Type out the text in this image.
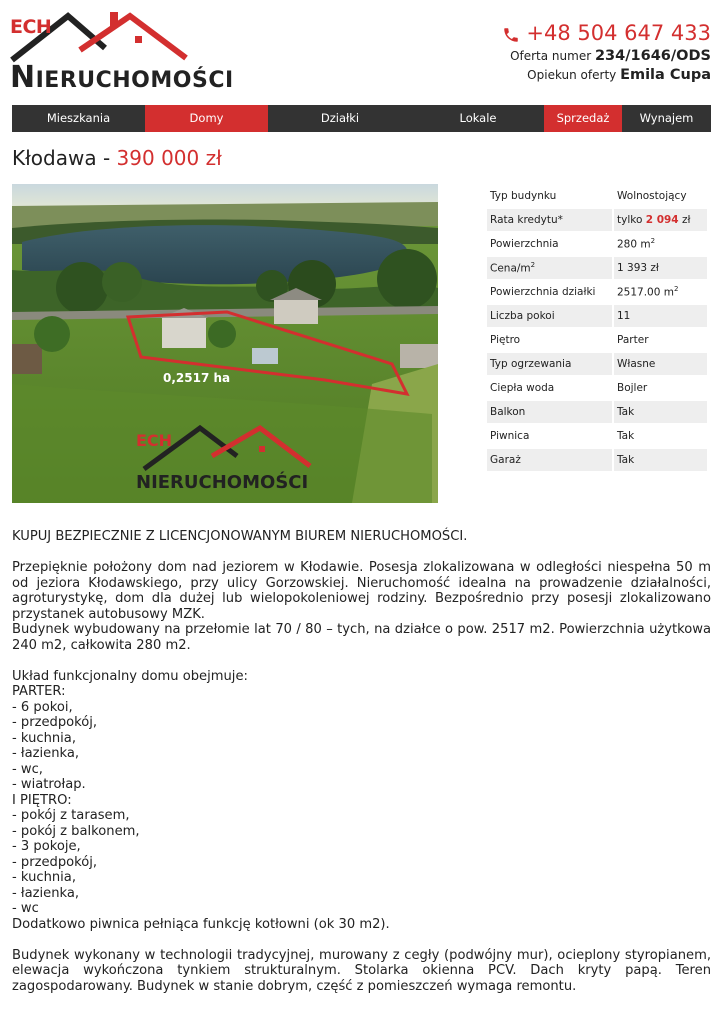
ECH
NIERUCHOMOŚCI
+48 504 647 433
Oferta numer 234/1646/ODS
Opiekun oferty Emila Cupa
Mieszkania	Domy	Działki	Lokale	Sprzedaż	Wynajem
Kłodawa - 390 000 zł
0,2517 ha
ECH
NIERUCHOMOŚCI
Typ budynku	Wolnostojący
Rata kredytu*	tylko 2 094 zł
Powierzchnia	280 $m^2$
Cena/$m^2$	1 393 zł
Powierzchnia działki	2517.00 $m^2$
Liczba pokoi	11
Piętro	Parter
Typ ogrzewania	Własne
Ciepła woda	Bojler
Balkon	Tak
Piwnica	Tak
Garaż	Tak

KUPUJ BEZPIECZNIE Z LICENCJONOWANYM BIUREM NIERUCHOMOŚCI.

Przepięknie położony dom nad jeziorem w Kłodawie. Posesja zlokalizowana w odległości niespełna 50 m od jeziora Kłodawskiego, przy ulicy Gorzowskiej. Nieruchomość idealna na prowadzenie działalności, agroturystykę, dom dla dużej lub wielopokoleniowej rodziny. Bezpośrednio przy posesji zlokalizowano przystanek autobusowy MZK.

Budynek wybudowany na przełomie lat 70 / 80 – tych, na działce o pow. 2517 m2. Powierzchnia użytkowa 240 m2, całkowita 280 m2.

Układ funkcjonalny domu obejmuje:

PARTER:
- 6 pokoi,
- przedpokój,
- kuchnia,
- łazienka,
- wc,
- wiatrołap.
I PIĘTRO:
- pokój z tarasem,
- pokój z balkonem,
- 3 pokoje,
- przedpokój,
- kuchnia,
- łazienka,
- wc
Dodatkowo piwnica pełniąca funkcję kotłowni (ok 30 m2).

Budynek wykonany w technologii tradycyjnej, murowany z cegły (podwójny mur), ocieplony styropianem, elewacja wykończona tynkiem strukturalnym. Stolarka okienna PCV. Dach kryty papą. Teren zagospodarowany. Budynek w stanie dobrym, część z pomieszczeń wymaga remontu.
